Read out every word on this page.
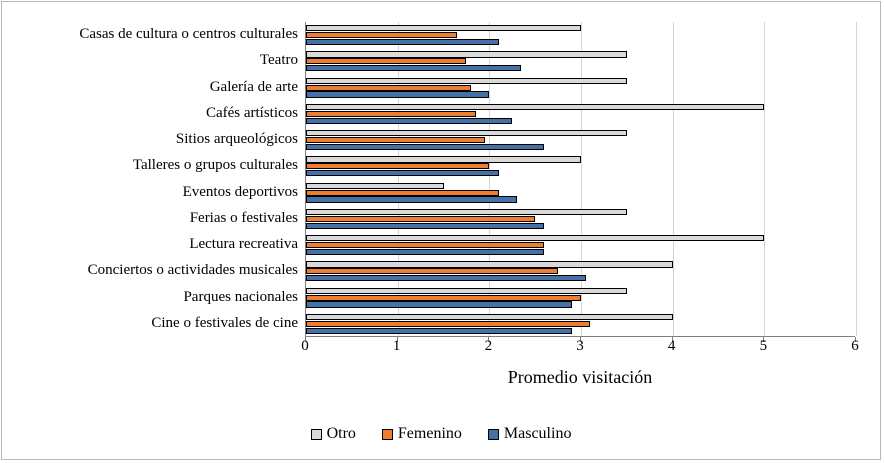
Cine o festivales de cine
Parques nacionales
Conciertos o actividades musicales
Lectura recreativa
Ferias o festivales
Eventos deportivos
Talleres o grupos culturales
Sitios arqueológicos
Cafés artísticos
Galería de arte
Teatro
Casas de cultura o centros culturales
0	1	2	3	4	5	6
Promedio visitación
Otro	Femenino	Masculino
